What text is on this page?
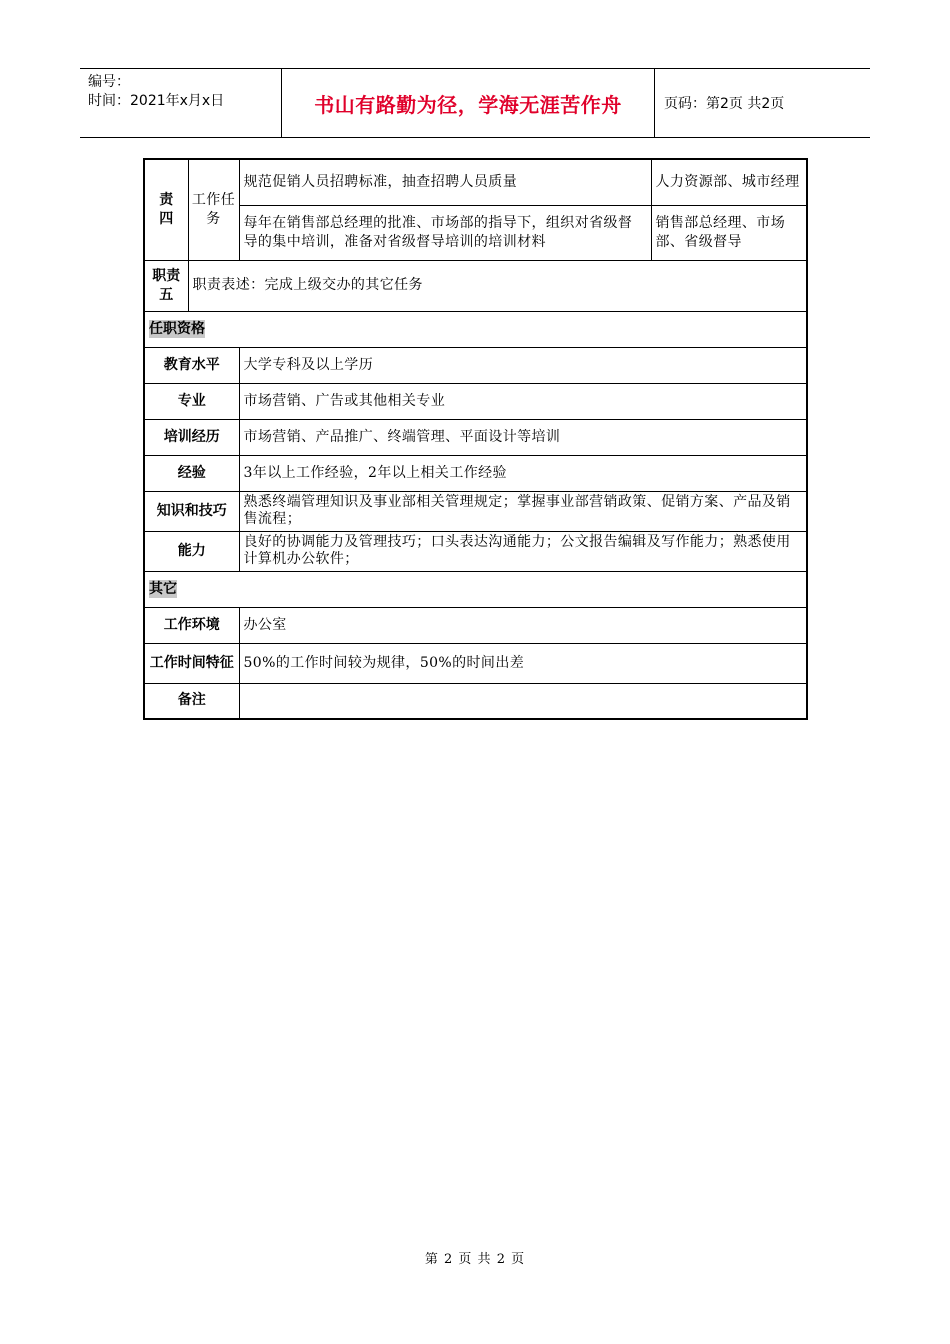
编号：
时间：2021年x月x日	书山有路勤为径，学海无涯苦作舟	页码：第2页 共2页
责四	工作任务	规范促销人员招聘标准，抽查招聘人员质量	人力资源部、城市经理
		每年在销售部总经理的批准、市场部的指导下，组织对省级督导的集中培训，准备对省级督导培训的培训材料	销售部总经理、市场部、省级督导
职责五	职责表述：完成上级交办的其它任务		
任职资格			
教育水平		大学专科及以上学历	
专业		市场营销、广告或其他相关专业	
培训经历		市场营销、产品推广、终端管理、平面设计等培训	
经验		3年以上工作经验，2年以上相关工作经验	
知识和技巧		熟悉终端管理知识及事业部相关管理规定；掌握事业部营销政策、促销方案、产品及销售流程；	
能力		良好的协调能力及管理技巧；口头表达沟通能力；公文报告编辑及写作能力；熟悉使用计算机办公软件；	
其它			
工作环境		办公室	
工作时间特征		50%的工作时间较为规律，50%的时间出差	
备注			
第 2 页 共 2 页
